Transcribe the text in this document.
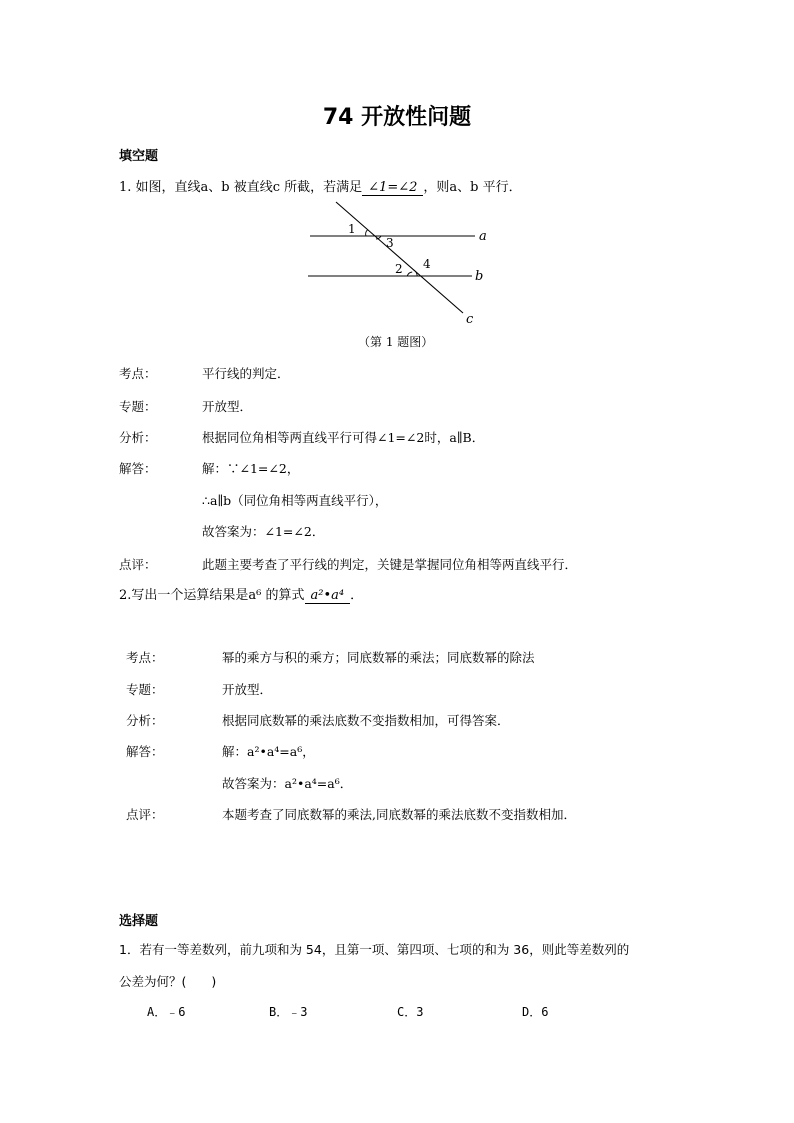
74 开放性问题
填空题
1. 如图，直线a、b 被直线c 所截，若满足 ∠1=∠2 ，则a、b 平行．
1
3
2 4
a
b
c
（第 1 题图）
考点：	平行线的判定．
专题：	开放型．
分析：	根据同位角相等两直线平行可得∠1=∠2时，a∥B．
解答：	解：∵∠1=∠2，
∴a∥b（同位角相等两直线平行），
故答案为：∠1=∠2．
点评：	此题主要考查了平行线的判定，关键是掌握同位角相等两直线平行．
2.写出一个运算结果是a⁶ 的算式 a²•a⁴ ．
考点：	幂的乘方与积的乘方；同底数幂的乘法；同底数幂的除法
专题：	开放型．
分析：	根据同底数幂的乘法底数不变指数相加，可得答案．
解答：	解：a²•a⁴=a⁶，
故答案为：a²•a⁴=a⁶．
点评：	本题考查了同底数幂的乘法,同底数幂的乘法底数不变指数相加．
选择题
1．若有一等差数列，前九项和为 54，且第一项、第四项、七项的和为 36，则此等差数列的
公差为何？(　　)
A．﹣6	B．﹣3	C．3	D．6
